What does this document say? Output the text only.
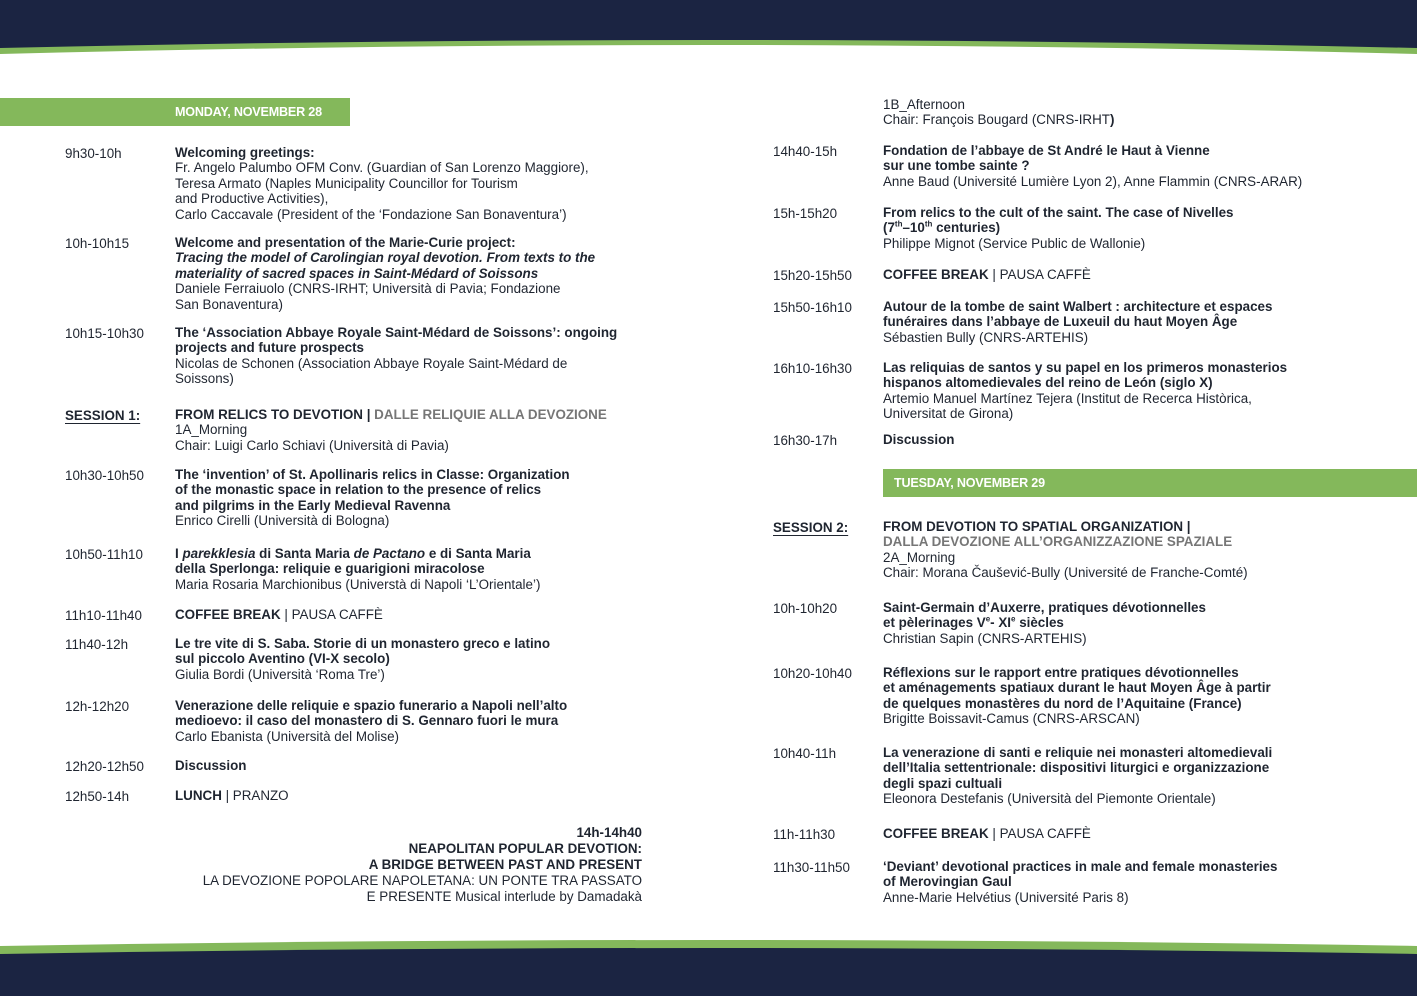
MONDAY, NOVEMBER 28
9h30-10h	Welcoming greetings:
Fr. Angelo Palumbo OFM Conv. (Guardian of San Lorenzo Maggiore),
Teresa Armato (Naples Municipality Councillor for Tourism
and Productive Activities),
Carlo Caccavale (President of the ‘Fondazione San Bonaventura’)
10h-10h15	Welcome and presentation of the Marie-Curie project:
Tracing the model of Carolingian royal devotion. From texts to the
materiality of sacred spaces in Saint-Médard of Soissons
Daniele Ferraiuolo (CNRS-IRHT; Università di Pavia; Fondazione
San Bonaventura)
10h15-10h30 The ‘Association Abbaye Royale Saint-Médard de Soissons’: ongoing
projects and future prospects
Nicolas de Schonen (Association Abbaye Royale Saint-Médard de
Soissons)
SESSION 1:	FROM RELICS TO DEVOTION | DALLE RELIQUIE ALLA DEVOZIONE
1A_Morning
Chair: Luigi Carlo Schiavi (Università di Pavia)
10h30-10h50 The ‘invention’ of St. Apollinaris relics in Classe: Organization
of the monastic space in relation to the presence of relics
and pilgrims in the Early Medieval Ravenna
Enrico Cirelli (Università di Bologna)
10h50-11h10 I parekklesia di Santa Maria de Pactano e di Santa Maria
della Sperlonga: reliquie e guarigioni miracolose
Maria Rosaria Marchionibus (Universtà di Napoli ‘L’Orientale’)
11h10-11h40 COFFEE BREAK | PAUSA CAFFÈ
11h40-12h	Le tre vite di S. Saba. Storie di un monastero greco e latino
sul piccolo Aventino (VI-X secolo)
Giulia Bordi (Università ‘Roma Tre’)
12h-12h20	Venerazione delle reliquie e spazio funerario a Napoli nell’alto
medioevo: il caso del monastero di S. Gennaro fuori le mura
Carlo Ebanista (Università del Molise)
12h20-12h50 Discussion
12h50-14h	LUNCH | PRANZO
14h-14h40
NEAPOLITAN POPULAR DEVOTION:
A BRIDGE BETWEEN PAST AND PRESENT
LA DEVOZIONE POPOLARE NAPOLETANA: UN PONTE TRA PASSATO
E PRESENTE Musical interlude by Damadakà
1B_Afternoon
Chair: François Bougard (CNRS-IRHT)
14h40-15h	Fondation de l’abbaye de St André le Haut à Vienne
sur une tombe sainte ?
Anne Baud (Université Lumière Lyon 2), Anne Flammin (CNRS-ARAR)
15h-15h20	From relics to the cult of the saint. The case of Nivelles
(7th–10th centuries)
Philippe Mignot (Service Public de Wallonie)
15h20-15h50 COFFEE BREAK | PAUSA CAFFÈ
15h50-16h10 Autour de la tombe de saint Walbert : architecture et espaces
funéraires dans l’abbaye de Luxeuil du haut Moyen Âge
Sébastien Bully (CNRS-ARTEHIS)
16h10-16h30 Las reliquias de santos y su papel en los primeros monasterios
hispanos altomedievales del reino de León (siglo X)
Artemio Manuel Martínez Tejera (Institut de Recerca Històrica,
Universitat de Girona)
16h30-17h	Discussion
TUESDAY, NOVEMBER 29
SESSION 2:	FROM DEVOTION TO SPATIAL ORGANIZATION |
DALLA DEVOZIONE ALL’ORGANIZZAZIONE SPAZIALE
2A_Morning
Chair: Morana Čaušević-Bully (Université de Franche-Comté)
10h-10h20	Saint-Germain d’Auxerre, pratiques dévotionnelles
et pèlerinages Ve- XIe siècles
Christian Sapin (CNRS-ARTEHIS)
10h20-10h40 Réflexions sur le rapport entre pratiques dévotionnelles
et aménagements spatiaux durant le haut Moyen Âge à partir
de quelques monastères du nord de l’Aquitaine (France)
Brigitte Boissavit-Camus (CNRS-ARSCAN)
10h40-11h	La venerazione di santi e reliquie nei monasteri altomedievali
dell’Italia settentrionale: dispositivi liturgici e organizzazione
degli spazi cultuali
Eleonora Destefanis (Università del Piemonte Orientale)
11h-11h30	COFFEE BREAK | PAUSA CAFFÈ
11h30-11h50 ‘Deviant’ devotional practices in male and female monasteries
of Merovingian Gaul
Anne-Marie Helvétius (Université Paris 8)
